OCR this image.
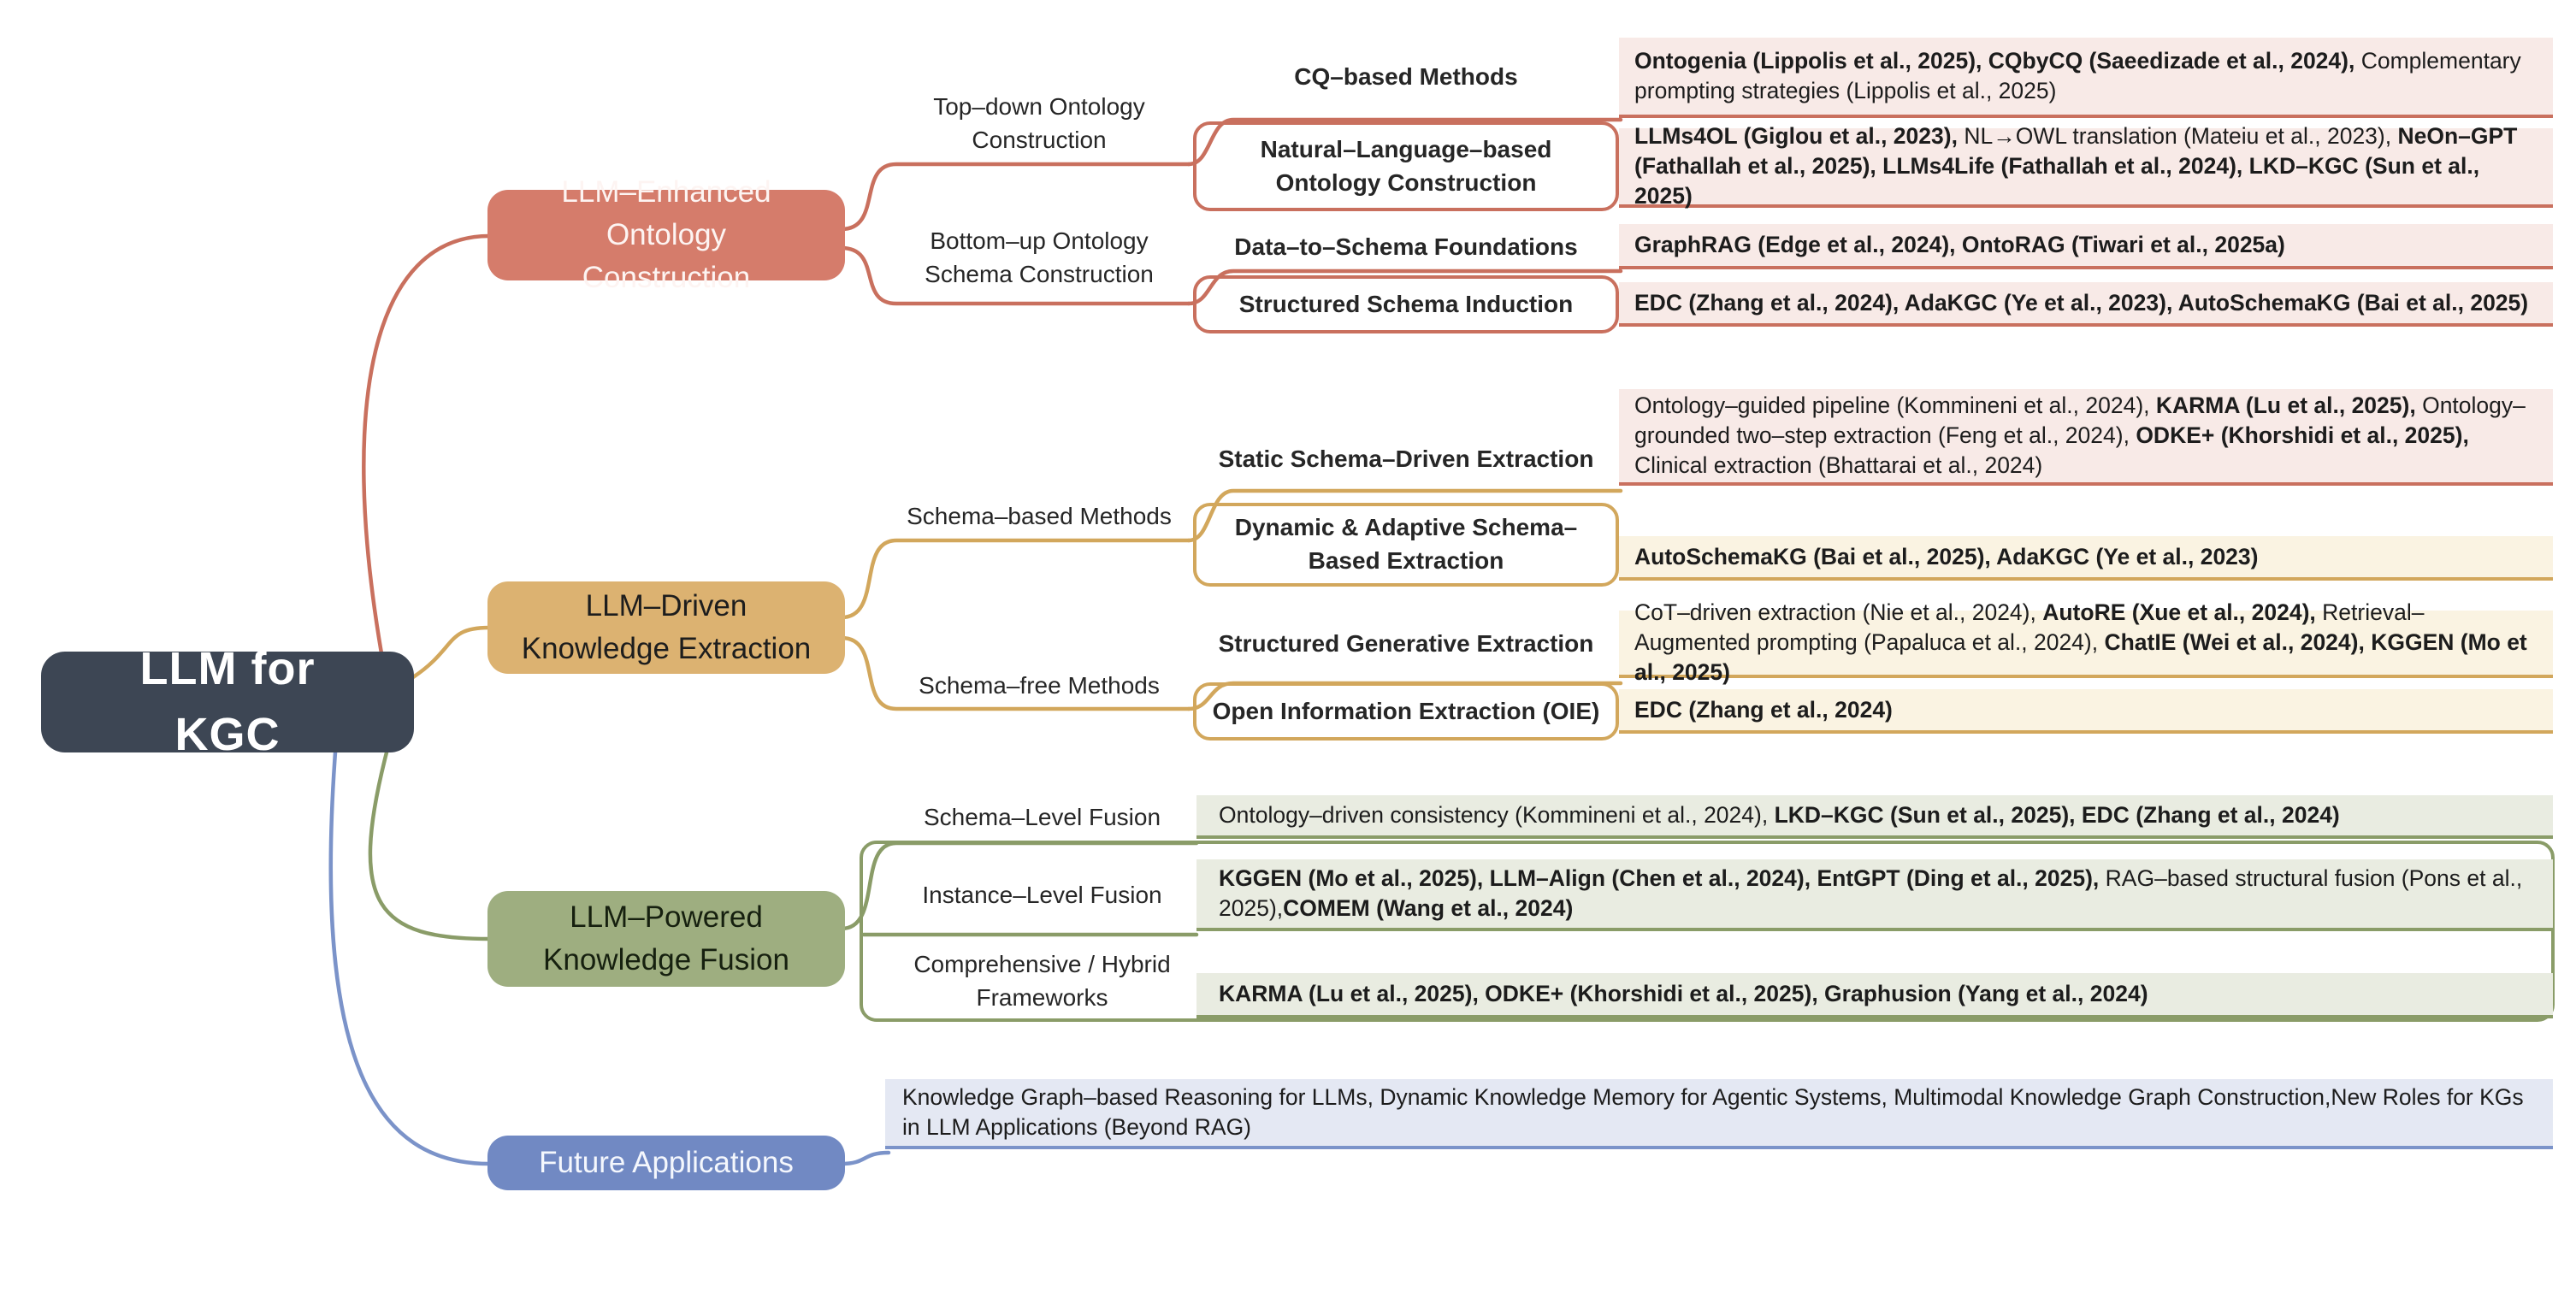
LLM for KGC
LLM–Enhanced Ontology Construction
LLM–Driven Knowledge Extraction
LLM–Powered Knowledge Fusion
Future Applications
Top–down Ontology Construction
CQ–based Methods
Ontogenia (Lippolis et al., 2025), CQbyCQ (Saeedizade et al., 2024), Complementary prompting strategies (Lippolis et al., 2025)
Natural–Language–based Ontology Construction
LLMs4OL (Giglou et al., 2023), NL→OWL translation (Mateiu et al., 2023), NeOn–GPT (Fathallah et al., 2025), LLMs4Life (Fathallah et al., 2024), LKD–KGC (Sun et al., 2025)
Bottom–up Ontology Schema Construction
Data–to–Schema Foundations	GraphRAG (Edge et al., 2024), OntoRAG (Tiwari et al., 2025a)
Structured Schema Induction	EDC (Zhang et al., 2024), AdaKGC (Ye et al., 2023), AutoSchemaKG (Bai et al., 2025)
Static Schema–Driven Extraction
Ontology–guided pipeline (Kommineni et al., 2024), KARMA (Lu et al., 2025), Ontology–grounded two–step extraction (Feng et al., 2024), ODKE+ (Khorshidi et al., 2025), Clinical extraction (Bhattarai et al., 2024)
Schema–based Methods	Dynamic & Adaptive Schema–Based Extraction	AutoSchemaKG (Bai et al., 2025), AdaKGC (Ye et al., 2023)
Structured Generative Extraction
CoT–driven extraction (Nie et al., 2024), AutoRE (Xue et al., 2024), Retrieval–Augmented prompting (Papaluca et al., 2024), ChatIE (Wei et al., 2024), KGGEN (Mo et al., 2025)
Schema–free Methods
Open Information Extraction (OIE) EDC (Zhang et al., 2024)
Schema–Level Fusion	Ontology–driven consistency (Kommineni et al., 2024), LKD–KGC (Sun et al., 2025), EDC (Zhang et al., 2024)
Instance–Level Fusion
KGGEN (Mo et al., 2025), LLM–Align (Chen et al., 2024), EntGPT (Ding et al., 2025), RAG–based structural fusion (Pons et al., 2025),COMEM (Wang et al., 2024)
Comprehensive / Hybrid Frameworks	KARMA (Lu et al., 2025), ODKE+ (Khorshidi et al., 2025), Graphusion (Yang et al., 2024)
Knowledge Graph–based Reasoning for LLMs, Dynamic Knowledge Memory for Agentic Systems, Multimodal Knowledge Graph Construction,New Roles for KGs in LLM Applications (Beyond RAG)
